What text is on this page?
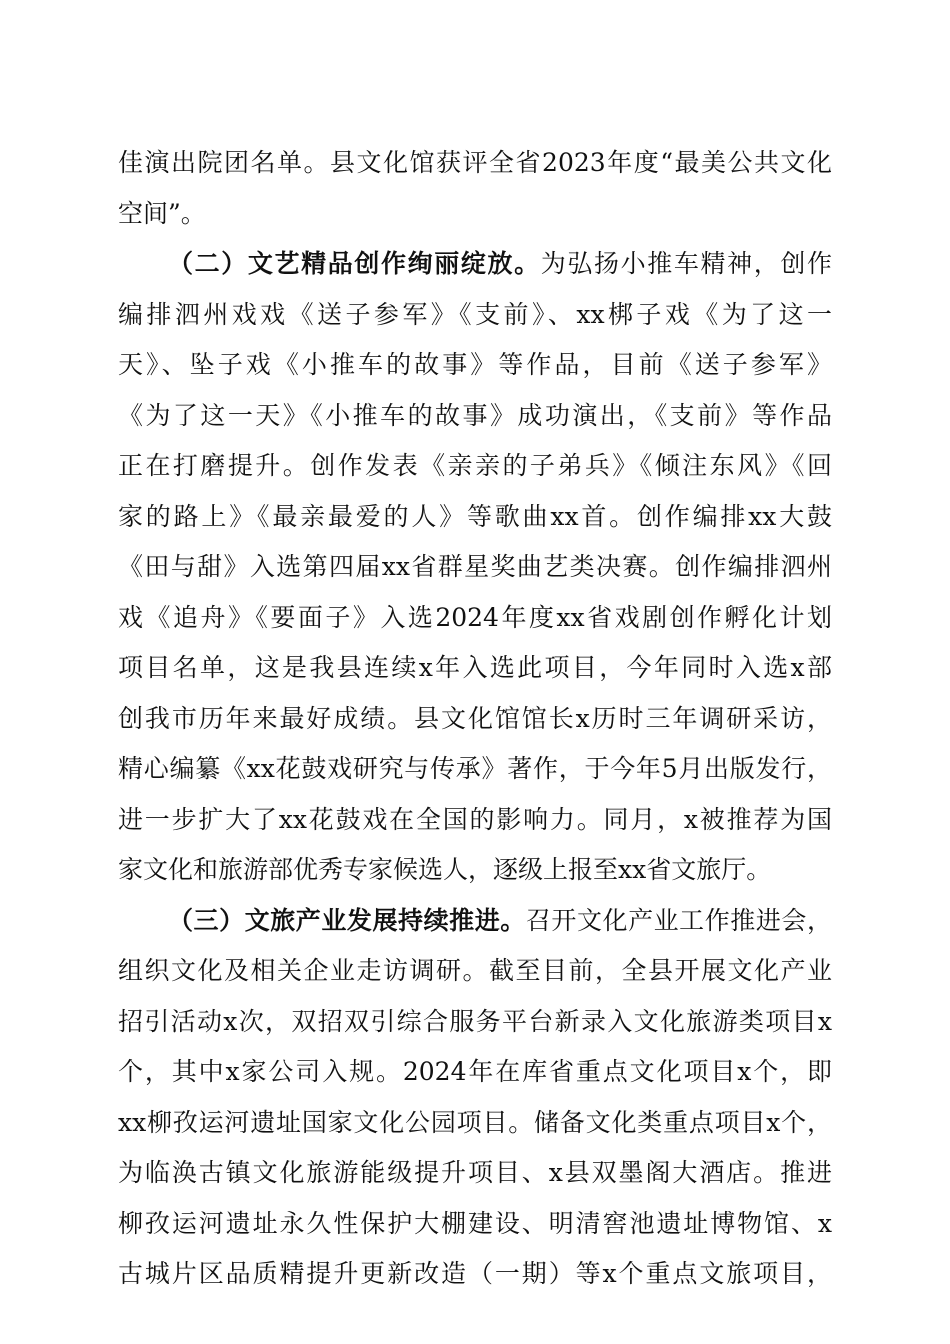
佳演出院团名单。县文化馆获评全省2023年度“最美公共文化
空间”。
（二）文艺精品创作绚丽绽放。为弘扬小推车精神，创作
编排泗州戏戏《送子参军》《支前》、xx梆子戏《为了这一
天》、坠子戏《小推车的故事》等作品，目前《送子参军》
《为了这一天》《小推车的故事》成功演出，《支前》等作品
正在打磨提升。创作发表《亲亲的子弟兵》《倾注东风》《回
家的路上》《最亲最爱的人》等歌曲xx首。创作编排xx大鼓
《田与甜》入选第四届xx省群星奖曲艺类决赛。创作编排泗州
戏《追舟》《要面子》入选2024年度xx省戏剧创作孵化计划
项目名单，这是我县连续x年入选此项目，今年同时入选x部
创我市历年来最好成绩。县文化馆馆长x历时三年调研采访，
精心编纂《xx花鼓戏研究与传承》著作，于今年5月出版发行，
进一步扩大了xx花鼓戏在全国的影响力。同月，x被推荐为国
家文化和旅游部优秀专家候选人，逐级上报至xx省文旅厅。
（三）文旅产业发展持续推进。召开文化产业工作推进会，
组织文化及相关企业走访调研。截至目前，全县开展文化产业
招引活动x次，双招双引综合服务平台新录入文化旅游类项目x
个，其中x家公司入规。2024年在库省重点文化项目x个，即
xx柳孜运河遗址国家文化公园项目。储备文化类重点项目x个，
为临涣古镇文化旅游能级提升项目、x县双墨阁大酒店。推进
柳孜运河遗址永久性保护大棚建设、明清窖池遗址博物馆、x
古城片区品质精提升更新改造（一期）等x个重点文旅项目，
